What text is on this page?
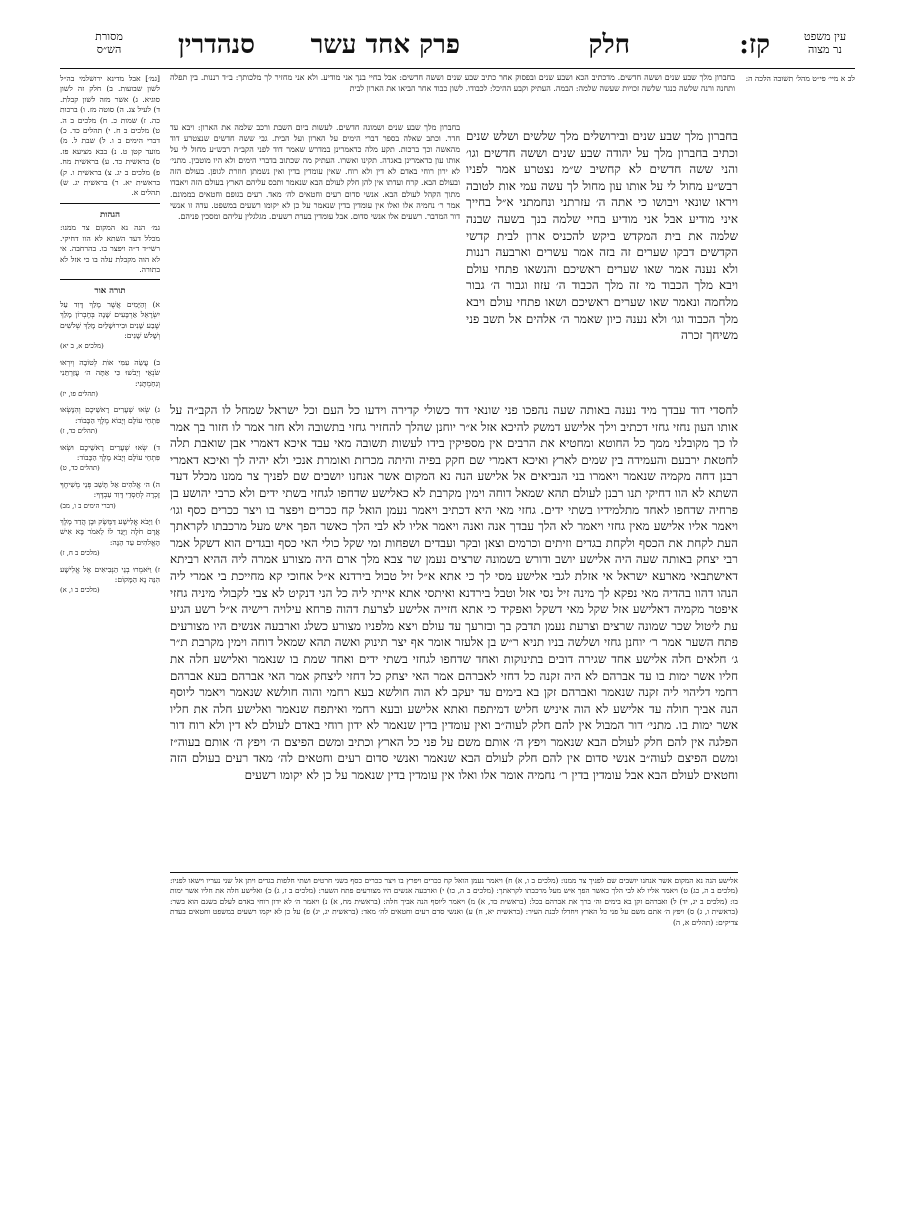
עין משפט
נר מצוה
קז:
חלק
פרק אחד עשר
סנהדרין
מסורת
הש״ס

לב א מיי׳ פי״ט מהל׳ תשובה הלכה ה:

בחברון מלך שבע שנים וששה חדשים. מדכתיב הכא ושבע שנים ובפסוק אחר כתיב שבע שנים וששה חדשים: אבל בחיי בנך אני מודיע. ולא אני מחזיר לך מלכותך: ב״ד רננות. בין תפלה ותחנה ורנה שלשה כנגד שלשה זכויות שעשה שלמה: הבמה. העתיק וקבע ההיכל: לכבודו. לשון כבוד אחר הביאו את הארון לבית
בחברון מלך שבע שנים ובירושלים מלך שלשים ושלש שנים וכתיב בחברון מלך על יהודה שבע שנים וששה חדשים וגו׳ והני ששה חדשים לא קחשיב ש״מ נצטרע אמר לפניו רבש״ע מחול לי על אותו עון מחול לך עשה עמי אות לטובה ויראו שונאי ויבושו כי אתה ה׳ עזרתני ונחמתני א״ל בחייך איני מודיע אבל אני מודיע בחיי שלמה בנך בשעה שבנה שלמה את בית המקדש ביקש להכניס ארון לבית קדשי הקדשים דבקו שערים זה בזה אמר עשרים וארבעה רננות ולא נענה אמר שאו שערים ראשיכם והנשאו פתחי עולם ויבא מלך הכבוד מי זה מלך הכבוד ה׳ עזוז וגבור ה׳ גבור מלחמה ונאמר שאו שערים ראשיכם ושאו פתחי עולם ויבא מלך הכבוד וגו׳ ולא נענה כיון שאמר ה׳ אלהים אל תשב פני משיחך זכרה
בחברון מלך שבע שנים ושמונה חדשים. לעשות ביום השבת ורכב שלמה את הארון: ויבא עד חדר. וכתב שאלה בספר דברי הימים על הארון ועל הבית. גבי ששה חדשים שנצטרע דוד מהאשה וכך ברכות. תקע מלה כדאמרינן במדרש שאמר דוד לפני הקב״ה רבש״ע מחול לי על אותו עון כדאמרינן באגדה. תקינו ואשרו. העתיק מה שכתוב בדברי הימים ולא היו מוטבין. מתני׳ לא ירון רוחי באדם לא דין ולא רוח. שאין עומדין בדין ואין נשמתן חוזרת לגופן. בעולם הזה ובעולם הבא. קרח ועדתו אין להן חלק לעולם הבא שנאמר ותכס עליהם הארץ בעולם הזה ויאבדו מתוך הקהל לעולם הבא. אנשי סדום רעים וחטאים לה׳ מאד. רעים בגופם וחטאים בממונם. אמר ר׳ נחמיה אלו ואלו אין עומדין בדין שנאמר על כן לא יקומו רשעים במשפט. עדה זו אנשי דור המדבר. רשעים אלו אנשי סדום. אבל עומדין בעדת רשעים. מגלגלין עליהם ומסכין פניהם.
לחסדי דוד עבדך מיד נענה באותה שעה נהפכו פני שונאי דוד כשולי קדירה וידעו כל העם וכל ישראל שמחל לו הקב״ה על אותו העון נחזי גחזי דכתיב וילך אלישע דמשק להיכא אזל א״ר יוחנן שהלך להחזיר גחזי בתשובה ולא חזר אמר לו חזור בך אמר לו כך מקובלני ממך כל החוטא ומחטיא את הרבים אין מספיקין בידו לעשות תשובה מאי עבד איכא דאמרי אבן שואבת תלה לחטאת ירבעם והעמידה בין שמים לארץ ואיכא דאמרי שם חקק בפיה והיתה מכרזת ואומרת אנכי ולא יהיה לך ואיכא דאמרי רבנן דחה מקמיה שנאמר ויאמרו בני הנביאים אל אלישע הנה נא המקום אשר אנחנו יושבים שם לפניך צר ממנו מכלל דעד השתא לא הוו דחיקי תנו רבנן לעולם תהא שמאל דוחה וימין מקרבת לא כאלישע שדחפו לגחזי בשתי ידים ולא כרבי יהושע בן פרחיה שדחפו לאחד מתלמידיו בשתי ידים. גחזי מאי היא דכתיב ויאמר נעמן הואל קח ככרים ויפצר בו ויצר ככרים כסף וגו׳ ויאמר אליו אלישע מאין גחזי ויאמר לא הלך עבדך אנה ואנה ויאמר אליו לא לבי הלך כאשר הפך איש מעל מרכבתו לקראתך העת לקחת את הכסף ולקחת בגדים וזיתים וכרמים וצאן ובקר ועבדים ושפחות ומי שקל כולי האי כסף ובגדים הוא דשקל אמר רבי יצחק באותה שעה היה אלישע יושב ודורש בשמונה שרצים נעמן שר צבא מלך ארם היה מצורע אמרה ליה ההיא רביתא דאישתבאי מארעא ישראל אי אזלת לגבי אלישע מסי לך כי אתא א״ל זיל טבול בירדנא א״ל אחוכי קא מחייכת בי אמרי ליה הנהו דהוו בהדיה מאי נפקא לך מינה זיל נסי אזל וטבל בירדנא ואיתסי אתא אייתי ליה כל הני דנקיט לא צבי לקבולי מיניה גחזי איפטר מקמיה דאלישע אזל שקל מאי דשקל ואפקיד כי אתא חזייה אלישע לצרעת דהוה פרחא עילויה רישיה א״ל רשע הגיע עת ליטול שכר שמונה שרצים וצרעת נעמן תדבק בך ובזרעך עד עולם ויצא מלפניו מצורע כשלג וארבעה אנשים היו מצורעים פתח השער אמר ר׳ יוחנן גחזי ושלשה בניו תניא ר״ש בן אלעזר אומר אף יצר תינוק ואשה תהא שמאל דוחה וימין מקרבת ת״ר ג׳ חלאים חלה אלישע אחד שגירה דובים בתינוקות ואחד שדחפו לגחזי בשתי ידים ואחד שמת בו שנאמר ואלישע חלה את חליו אשר ימות בו עד אברהם לא היה זקנה כל דחזי לאברהם אמר האי יצחק כל דחזי ליצחק אמר האי אברהם בעא אברהם רחמי דליהוי ליה זקנה שנאמר ואברהם זקן בא בימים עד יעקב לא הוה חולשא בעא רחמי והוה חולשא שנאמר ויאמר ליוסף הנה אביך חולה עד אלישע לא הוה איניש חליש דמיתפח ואתא אלישע ובעא רחמי ואיתפח שנאמר ואלישע חלה את חליו אשר ימות בו. מתני׳ דור המבול אין להם חלק לעוה״ב ואין עומדין בדין שנאמר לא ידון רוחי באדם לעולם לא דין ולא רוח דור הפלגה אין להם חלק לעולם הבא שנאמר ויפץ ה׳ אותם משם על פני כל הארץ וכתיב ומשם הפיצם ה׳ ויפץ ה׳ אותם בעוה״ז ומשם הפיצם לעוה״ב אנשי סדום אין להם חלק לעולם הבא שנאמר ואנשי סדום רעים וחטאים לה׳ מאד רעים בעולם הזה וחטאים לעולם הבא אבל עומדין בדין ר׳ נחמיה אומר אלו ואלו אין עומדין בדין שנאמר על כן לא יקומו רשעים

[גמ׳] אבל מדינא ירושלמי בה״ל לשון שבועות. ב) חלק זה לשון סוגיא. ג) אשר מזה לשון קבלת. ד) לעיל צג. ה) סוטה מז. ו) ברכות כה. ז) שמות כ. ח) מלכים ב ה. ט) מלכים ב ח. י) תהלים כד. כ) דברי הימים ב ו. ל) שבת ל. מ) מועד קטן ט. נ) בבא מציעא פז. ס) בראשית כד. ע) בראשית מח. פ) מלכים ב יג. צ) בראשית ו. ק) בראשית יא. ר) בראשית יג. ש) תהלים א.

הגהות

גמ׳ הנה נא המקום צר ממנו: מכלל דעד השתא לא הוו דחיקי. רשי״ד ד״ה ויפצר בו. בהרחבה. אי לא הוה מקבלת עלה בו כי אזל לא בתורה.

תורה אור
א) וְהַיָּמִים אֲשֶׁר מָלַךְ דָּוִד עַל יִשְׂרָאֵל אַרְבָּעִים שָׁנָה בְּחֶבְרוֹן מָלַךְ שֶׁבַע שָׁנִים וּבִירוּשָׁלַיִם מָלַךְ שְׁלֹשִׁים וְשָׁלֹשׁ שָׁנִים:
(מלכים א, ב יא)
ב) עֲשֵׂה עִמִּי אוֹת לְטוֹבָה וְיִרְאוּ שֹׂנְאַי וְיֵבֹשׁוּ כִּי אַתָּה ה׳ עֲזַרְתַּנִי וְנִחַמְתָּנִי:
(תהלים פו, יז)
ג) שְׂאוּ שְׁעָרִים רָאשֵׁיכֶם וְהִנָּשְׂאוּ פִּתְחֵי עוֹלָם וְיָבוֹא מֶלֶךְ הַכָּבוֹד:
(תהלים כד, ז)
ד) שְׂאוּ שְׁעָרִים רָאשֵׁיכֶם וּשְׂאוּ פִּתְחֵי עוֹלָם וְיָבֹא מֶלֶךְ הַכָּבוֹד:
(תהלים כד, ט)
ה) ה׳ אֱלֹהִים אַל תָּשֵׁב פְּנֵי מְשִׁיחֶךָ זָכְרָה לְחַסְדֵי דָּוִד עַבְדֶּךָ:
(דברי הימים ב ו, מב)
ו) וַיָּבֹא אֱלִישָׁע דַּמֶּשֶׂק וּבֶן הֲדַד מֶלֶךְ אֲרָם חֹלֶה וַיֻּגַּד לוֹ לֵאמֹר בָּא אִישׁ הָאֱלֹהִים עַד הֵנָּה:
(מלכים ב ח, ז)
ז) וַיֹּאמְרוּ בְנֵי הַנְּבִיאִים אֶל אֱלִישָׁע הִנֵּה נָא הַמָּקוֹם:
(מלכים ב ו, א)
אלישע הנה נא המקום אשר אנחנו יושבים שם לפניך צר ממנו: (מלכים ב ו, א) ח) ויאמר נעמן הואל קח ככרים ויפרץ בו ויצר ככרים כסף בשני חרטים ושתי חלפות בגדים ויתן אל שני נעריו וישאו לפניו: (מלכים ב ה, כג) ט) ויאמר אליו לא לבי הלך כאשר הפך איש מעל מרכבתו לקראתך: (מלכים ב ה, כו) י) וארבעה אנשים היו מצורעים פתח השער: (מלכים ב ז, ג) כ) ואלישע חלה את חליו אשר ימות בו: (מלכים ב יג, יד) ל) ואברהם זקן בא בימים וה׳ ברך את אברהם בכל: (בראשית כד, א) מ) ויאמר ליוסף הנה אביך חלה: (בראשית מח, א) נ) ויאמר ה׳ לא ידון רוחי באדם לעלם בשגם הוא בשר: (בראשית ו, ג) ס) ויפץ ה׳ אתם משם על פני כל הארץ ויחדלו לבנת העיר: (בראשית יא, ח) ע) ואנשי סדם רעים וחטאים לה׳ מאד: (בראשית יג, יג) פ) על כן לא יקמו רשעים במשפט וחטאים בעדת צדיקים: (תהלים א, ה)
